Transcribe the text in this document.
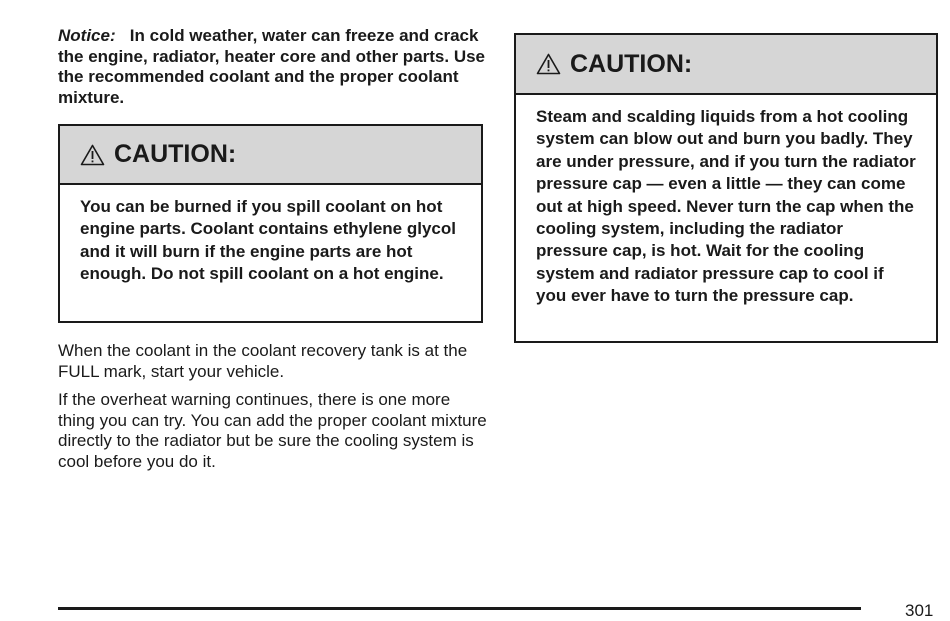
Notice: In cold weather, water can freeze and crack the engine, radiator, heater core and other parts. Use the recommended coolant and the proper coolant mixture.

CAUTION:

You can be burned if you spill coolant on hot engine parts. Coolant contains ethylene glycol and it will burn if the engine parts are hot enough. Do not spill coolant on a hot engine.

When the coolant in the coolant recovery tank is at the FULL mark, start your vehicle.

If the overheat warning continues, there is one more thing you can try. You can add the proper coolant mixture directly to the radiator but be sure the cooling system is cool before you do it.

CAUTION:

Steam and scalding liquids from a hot cooling system can blow out and burn you badly. They are under pressure, and if you turn the radiator pressure cap — even a little — they can come out at high speed. Never turn the cap when the cooling system, including the radiator pressure cap, is hot. Wait for the cooling system and radiator pressure cap to cool if you ever have to turn the pressure cap.

301
